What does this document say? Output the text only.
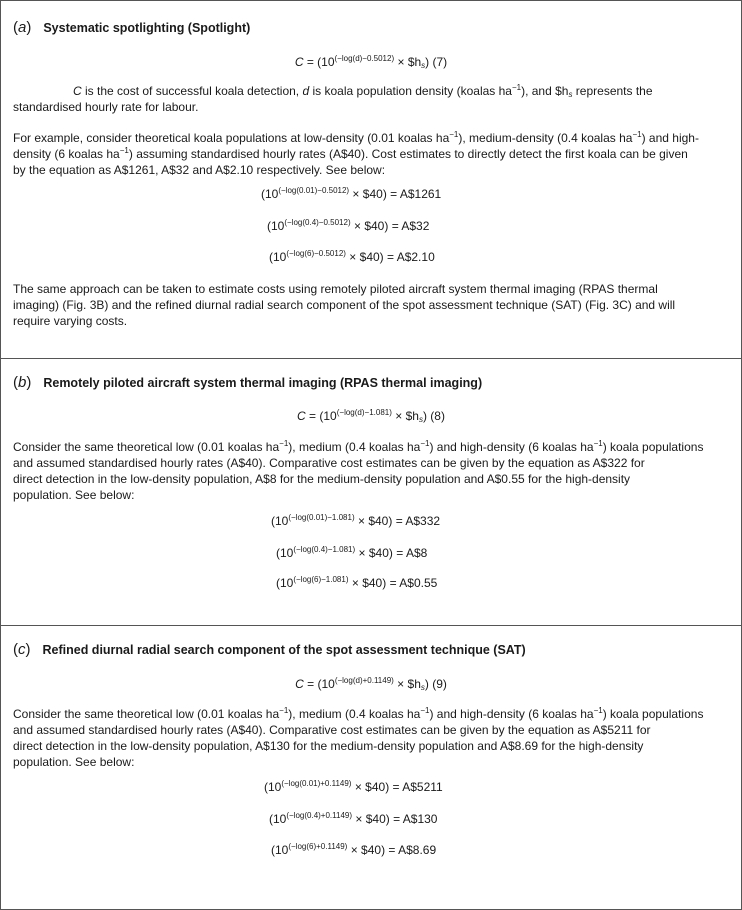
(a) Systematic spotlighting (Spotlight)
$C = (10^{(-log(d)-0.5012)}$ × $\$h_s$) (7)
C is the cost of successful koala detection, d is koala population density (koalas $ha^{-1}$), and $\$h_s$ represents the
standardised hourly rate for labour.
For example, consider theoretical koala populations at low-density (0.01 koalas $ha^{-1}$), medium-density (0.4 koalas $ha^{-1}$) and high-
density (6 koalas $ha^{-1}$) assuming standardised hourly rates (A$40). Cost estimates to directly detect the first koala can be given
by the equation as A$1261, A$32 and A$2.10 respectively. See below:
($10^{(-log(0.01)-0.5012)}$ × $40) = A$1261
($10^{(-log(0.4)-0.5012)}$ × $40) = A$32
($10^{(-log(6)-0.5012)}$ × $40) = A$2.10
The same approach can be taken to estimate costs using remotely piloted aircraft system thermal imaging (RPAS thermal
imaging) (Fig. 3B) and the refined diurnal radial search component of the spot assessment technique (SAT) (Fig. 3C) and will
require varying costs.
(b) Remotely piloted aircraft system thermal imaging (RPAS thermal imaging)
$C = (10^{(-log(d)-1.081)}$ × $\$h_s$) (8)
Consider the same theoretical low (0.01 koalas $ha^{-1}$), medium (0.4 koalas $ha^{-1}$) and high-density (6 koalas $ha^{-1}$) koala populations
and assumed standardised hourly rates (A$40). Comparative cost estimates can be given by the equation as A$322 for
direct detection in the low-density population, A$8 for the medium-density population and A$0.55 for the high-density
population. See below:
($10^{(-log(0.01)-1.081)}$ × $40) = A$332
($10^{(-log(0.4)-1.081)}$ × $40) = A$8
($10^{(-log(6)-1.081)}$ × $40) = A$0.55
(c) Refined diurnal radial search component of the spot assessment technique (SAT)
$C = (10^{(-log(d)+0.1149)}$ × $\$h_s$) (9)
Consider the same theoretical low (0.01 koalas $ha^{-1}$), medium (0.4 koalas $ha^{-1}$) and high-density (6 koalas $ha^{-1}$) koala populations
and assumed standardised hourly rates (A$40). Comparative cost estimates can be given by the equation as A$5211 for
direct detection in the low-density population, A$130 for the medium-density population and A$8.69 for the high-density
population. See below:
($10^{(-log(0.01)+0.1149)}$ × $40) = A$5211
($10^{(-log(0.4)+0.1149)}$ × $40) = A$130
($10^{(-log(6)+0.1149)}$ × $40) = A$8.69
